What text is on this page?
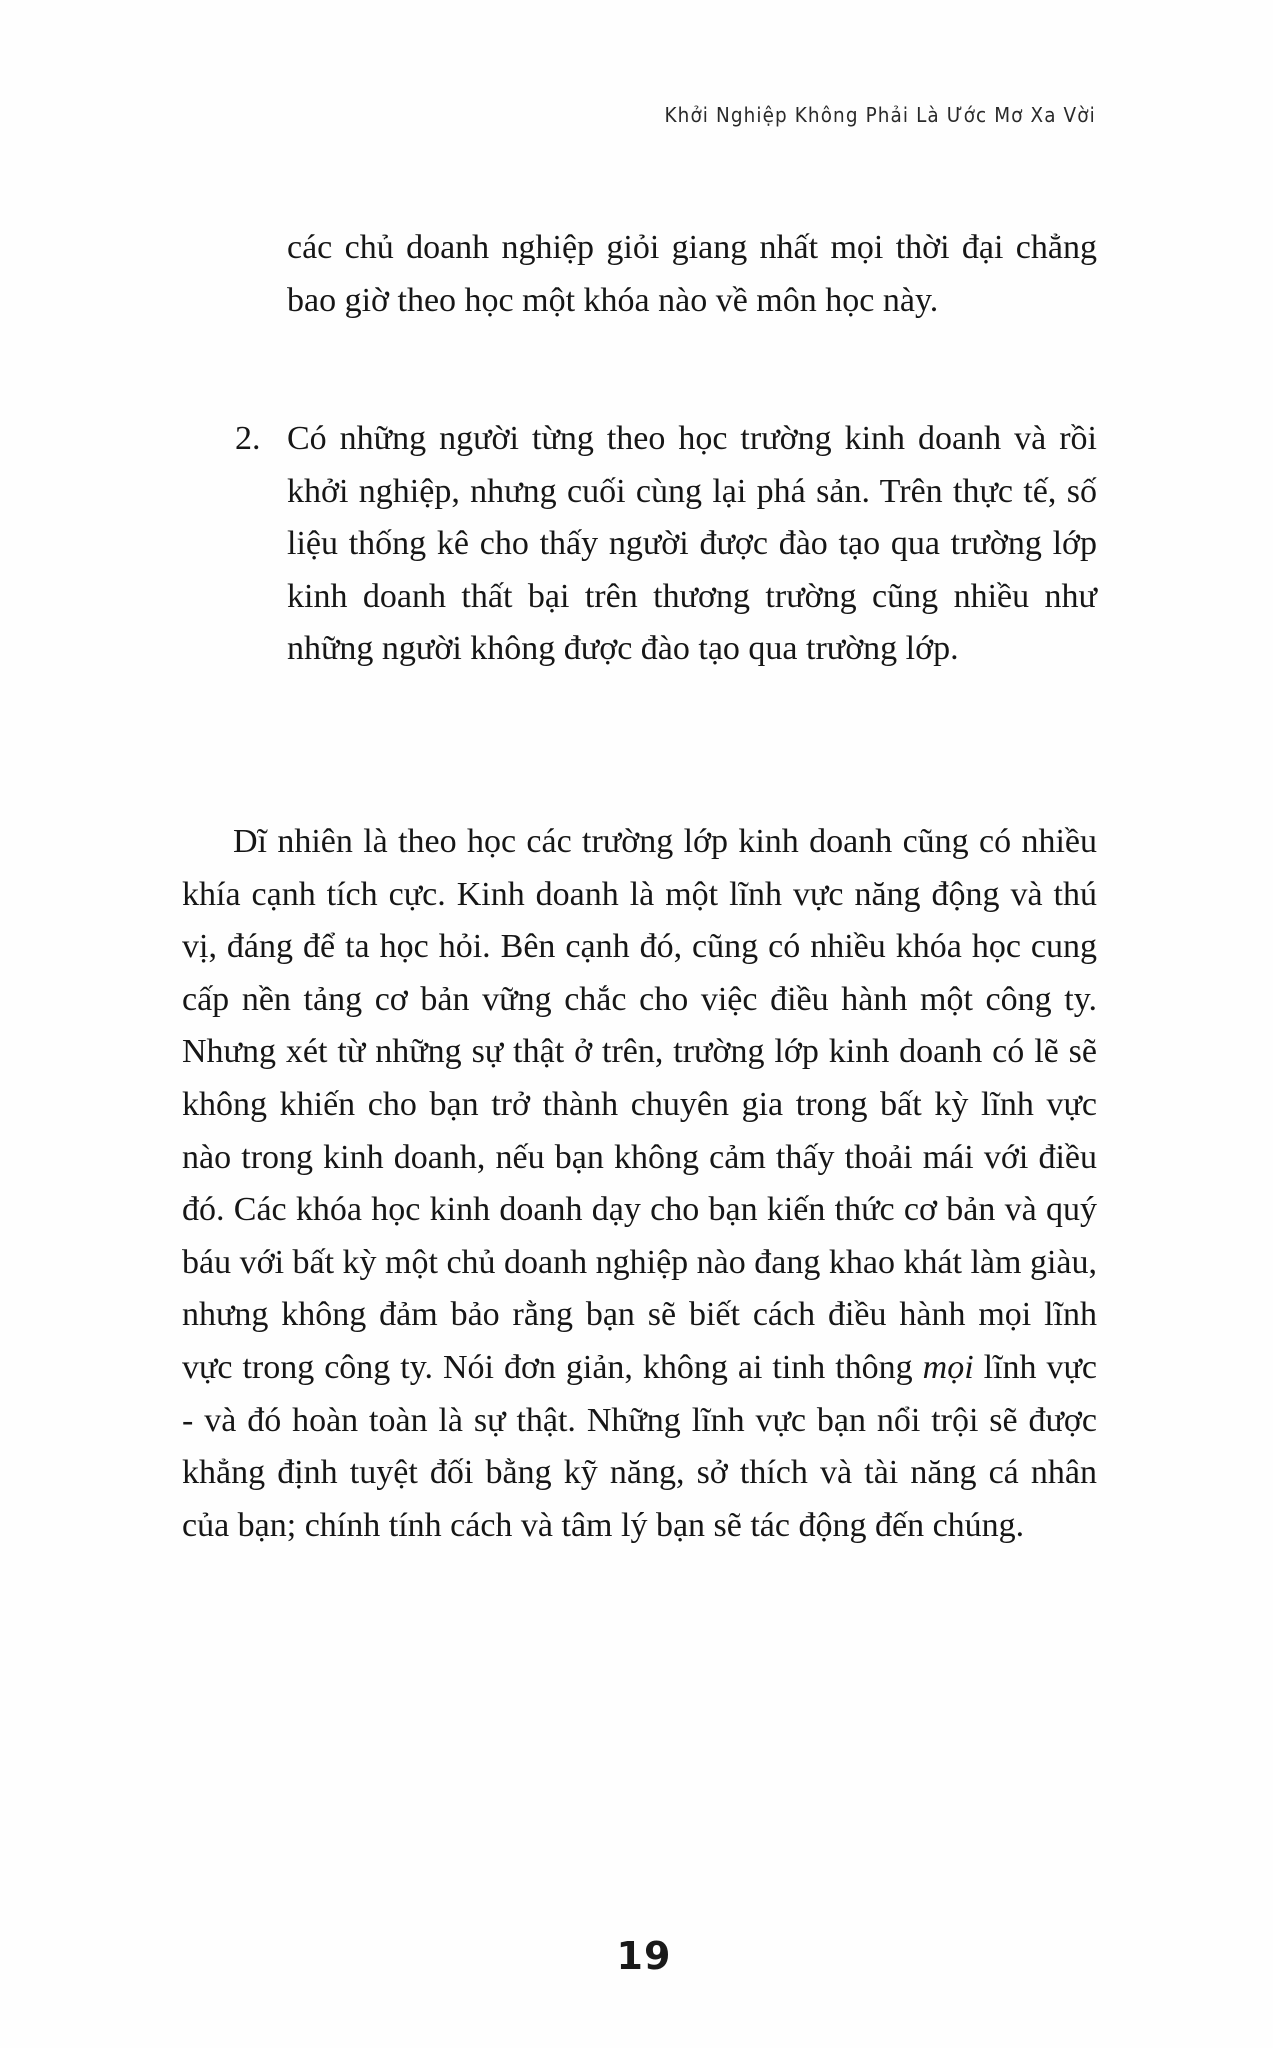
Khởi Nghiệp Không Phải Là Ước Mơ Xa Vời

các chủ doanh nghiệp giỏi giang nhất mọi thời đại chẳng bao giờ theo học một khóa nào về môn học này.

2. Có những người từng theo học trường kinh doanh và rồi khởi nghiệp, nhưng cuối cùng lại phá sản. Trên thực tế, số liệu thống kê cho thấy người được đào tạo qua trường lớp kinh doanh thất bại trên thương trường cũng nhiều như những người không được đào tạo qua trường lớp.

Dĩ nhiên là theo học các trường lớp kinh doanh cũng có nhiều khía cạnh tích cực. Kinh doanh là một lĩnh vực năng động và thú vị, đáng để ta học hỏi. Bên cạnh đó, cũng có nhiều khóa học cung cấp nền tảng cơ bản vững chắc cho việc điều hành một công ty. Nhưng xét từ những sự thật ở trên, trường lớp kinh doanh có lẽ sẽ không khiến cho bạn trở thành chuyên gia trong bất kỳ lĩnh vực nào trong kinh doanh, nếu bạn không cảm thấy thoải mái với điều đó. Các khóa học kinh doanh dạy cho bạn kiến thức cơ bản và quý báu với bất kỳ một chủ doanh nghiệp nào đang khao khát làm giàu, nhưng không đảm bảo rằng bạn sẽ biết cách điều hành mọi lĩnh vực trong công ty. Nói đơn giản, không ai tinh thông mọi lĩnh vực - và đó hoàn toàn là sự thật. Những lĩnh vực bạn nổi trội sẽ được khẳng định tuyệt đối bằng kỹ năng, sở thích và tài năng cá nhân của bạn; chính tính cách và tâm lý bạn sẽ tác động đến chúng.

19
